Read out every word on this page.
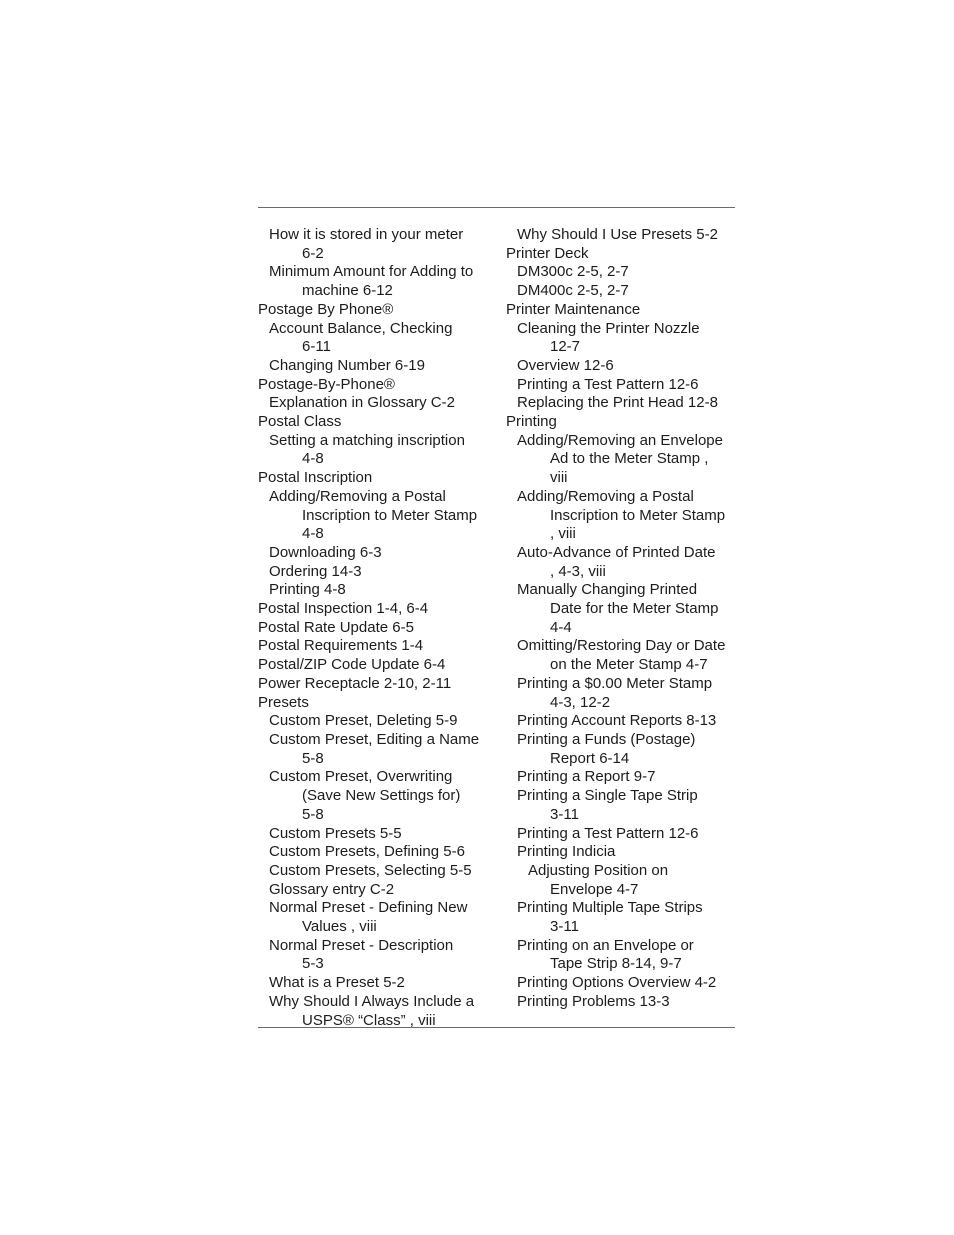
How it is stored in your meter
6-2
Minimum Amount for Adding to
machine 6-12
Postage By Phone®
Account Balance, Checking
6-11
Changing Number 6-19
Postage-By-Phone®
Explanation in Glossary C-2
Postal Class
Setting a matching inscription
4-8
Postal Inscription
Adding/Removing a Postal
Inscription to Meter Stamp
4-8
Downloading 6-3
Ordering 14-3
Printing 4-8
Postal Inspection 1-4, 6-4
Postal Rate Update 6-5
Postal Requirements 1-4
Postal/ZIP Code Update 6-4
Power Receptacle 2-10, 2-11
Presets
Custom Preset, Deleting 5-9
Custom Preset, Editing a Name
5-8
Custom Preset, Overwriting
(Save New Settings for)
5-8
Custom Presets 5-5
Custom Presets, Defining 5-6
Custom Presets, Selecting 5-5
Glossary entry C-2
Normal Preset - Defining New
Values , viii
Normal Preset - Description
5-3
What is a Preset 5-2
Why Should I Always Include a
USPS® “Class” , viii
Why Should I Use Presets 5-2
Printer Deck
DM300c 2-5, 2-7
DM400c 2-5, 2-7
Printer Maintenance
Cleaning the Printer Nozzle
12-7
Overview 12-6
Printing a Test Pattern 12-6
Replacing the Print Head 12-8
Printing
Adding/Removing an Envelope
Ad to the Meter Stamp ,
viii
Adding/Removing a Postal
Inscription to Meter Stamp
, viii
Auto-Advance of Printed Date
, 4-3, viii
Manually Changing Printed
Date for the Meter Stamp
4-4
Omitting/Restoring Day or Date
on the Meter Stamp 4-7
Printing a $0.00 Meter Stamp
4-3, 12-2
Printing Account Reports 8-13
Printing a Funds (Postage)
Report 6-14
Printing a Report 9-7
Printing a Single Tape Strip
3-11
Printing a Test Pattern 12-6
Printing Indicia
Adjusting Position on
Envelope 4-7
Printing Multiple Tape Strips
3-11
Printing on an Envelope or
Tape Strip 8-14, 9-7
Printing Options Overview 4-2
Printing Problems 13-3
